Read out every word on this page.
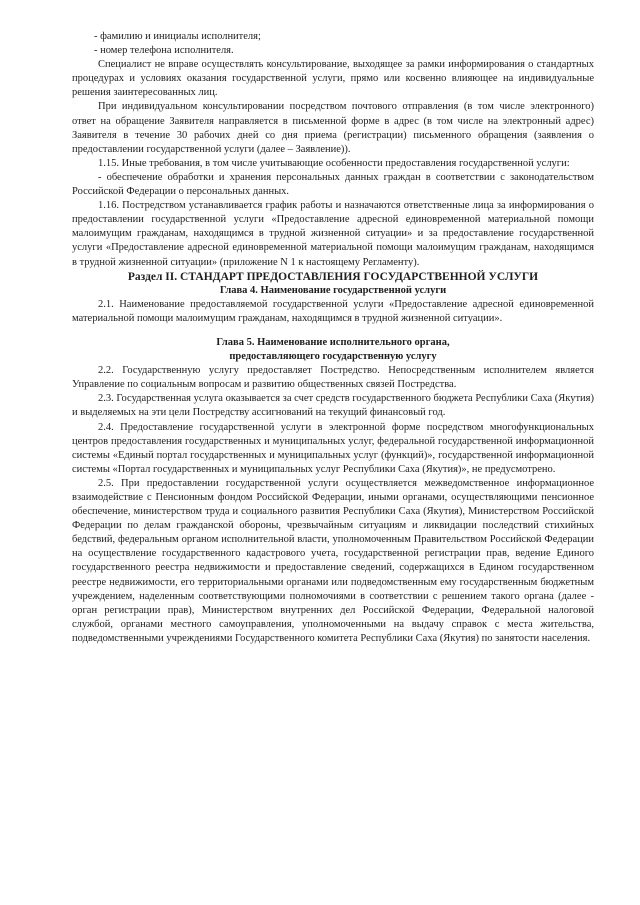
- фамилию и инициалы исполнителя;

- номер телефона исполнителя.

Специалист не вправе осуществлять консультирование, выходящее за рамки информирования о стандартных процедурах и условиях оказания государственной услуги, прямо или косвенно влияющее на индивидуальные решения заинтересованных лиц.

При индивидуальном консультировании посредством почтового отправления (в том числе электронного) ответ на обращение Заявителя направляется в письменной форме в адрес (в том числе на электронный адрес) Заявителя в течение 30 рабочих дней со дня приема (регистрации) письменного обращения (заявления о предоставлении государственной услуги (далее – Заявление)).

1.15. Иные требования, в том числе учитывающие особенности предоставления государственной услуги:

- обеспечение обработки и хранения персональных данных граждан в соответствии с законодательством Российской Федерации о персональных данных.

1.16. Постредством устанавливается график работы и назначаются ответственные лица за информирования о предоставлении государственной услуги «Предоставление адресной единовременной материальной помощи малоимущим гражданам, находящимся в трудной жизненной ситуации» и за предоставление государственной услуги «Предоставление адресной единовременной материальной помощи малоимущим гражданам, находящимся в трудной жизненной ситуации» (приложение N 1 к настоящему Регламенту).

Раздел II. СТАНДАРТ ПРЕДОСТАВЛЕНИЯ ГОСУДАРСТВЕННОЙ УСЛУГИ

Глава 4. Наименование государственной услуги

2.1. Наименование предоставляемой государственной услуги «Предоставление адресной единовременной материальной помощи малоимущим гражданам, находящимся в трудной жизненной ситуации».

Глава 5. Наименование исполнительного органа,

предоставляющего государственную услугу

2.2. Государственную услугу предоставляет Постредство. Непосредственным исполнителем является Управление по социальным вопросам и развитию общественных связей Постредства.

2.3. Государственная услуга оказывается за счет средств государственного бюджета Республики Саха (Якутия) и выделяемых на эти цели Постредству ассигнований на текущий финансовый год.

2.4. Предоставление государственной услуги в электронной форме посредством многофункциональных центров предоставления государственных и муниципальных услуг, федеральной государственной информационной системы «Единый портал государственных и муниципальных услуг (функций)», государственной информационной системы «Портал государственных и муниципальных услуг Республики Саха (Якутия)», не предусмотрено.

2.5. При предоставлении государственной услуги осуществляется межведомственное информационное взаимодействие с Пенсионным фондом Российской Федерации, иными органами, осуществляющими пенсионное обеспечение, министерством труда и социального развития Республики Саха (Якутия), Министерством Российской Федерации по делам гражданской обороны, чрезвычайным ситуациям и ликвидации последствий стихийных бедствий, федеральным органом исполнительной власти, уполномоченным Правительством Российской Федерации на осуществление государственного кадастрового учета, государственной регистрации прав, ведение Единого государственного реестра недвижимости и предоставление сведений, содержащихся в Едином государственном реестре недвижимости, его территориальными органами или подведомственным ему государственным бюджетным учреждением, наделенным соответствующими полномочиями в соответствии с решением такого органа (далее - орган регистрации прав), Министерством внутренних дел Российской Федерации, Федеральной налоговой службой, органами местного самоуправления, уполномоченными на выдачу справок с места жительства, подведомственными учреждениями Государственного комитета Республики Саха (Якутия) по занятости населения.
